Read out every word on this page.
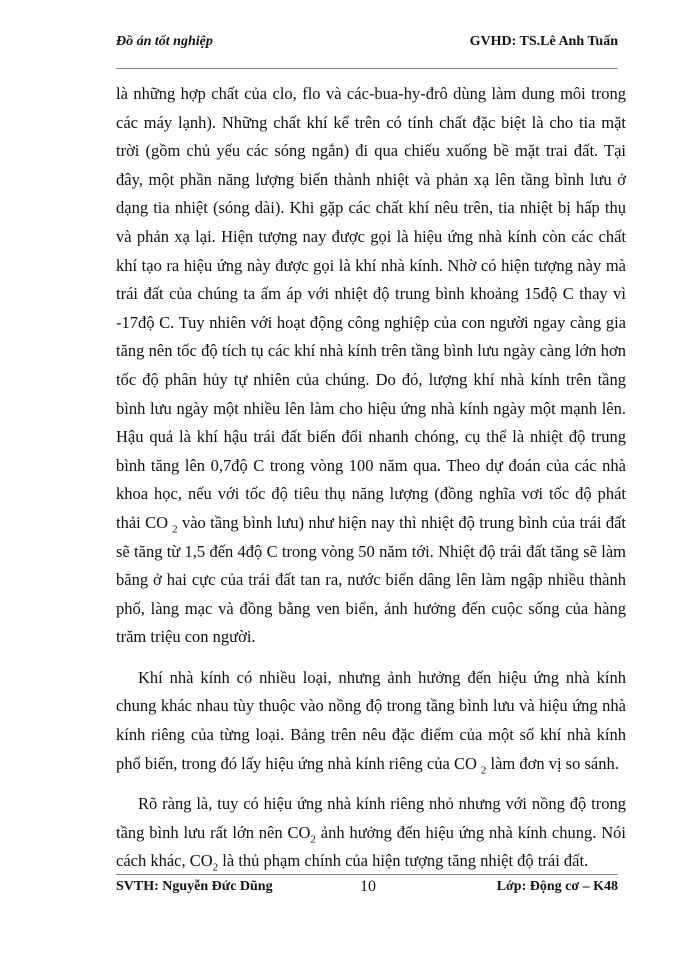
Đồ án tốt nghiệp	GVHD: TS.Lê Anh Tuấn

là những hợp chất của clo, flo và các-bua-hy-đrô dùng làm dung môi trong các máy lạnh). Những chất khí kể trên có tính chất đặc biệt là cho tia mặt trời (gồm chủ yếu các sóng ngắn) đi qua chiếu xuống bề mặt trai đất. Tại đây, một phần năng lượng biến thành nhiệt và phản xạ lên tầng bình lưu ở dạng tia nhiệt (sóng dài). Khi gặp các chất khí nêu trên, tia nhiệt bị hấp thụ và phản xạ lại. Hiện tượng nay được gọi là hiệu ứng nhà kính còn các chất khí tạo ra hiệu ứng này được gọi là khí nhà kính. Nhờ có hiện tượng này mà trái đất của chúng ta ấm áp với nhiệt độ trung bình khoảng 15độ C thay vì -17độ C. Tuy nhiên với hoạt động công nghiệp của con người ngay càng gia tăng nên tốc độ tích tụ các khí nhà kính trên tầng bình lưu ngày càng lớn hơn tốc độ phân hủy tự nhiên của chúng. Do đó, lượng khí nhà kính trên tầng bình lưu ngày một nhiều lên làm cho hiệu ứng nhà kính ngày một mạnh lên. Hậu quả là khí hậu trái đất biến đổi nhanh chóng, cụ thể là nhiệt độ trung bình tăng lên 0,7độ C trong vòng 100 năm qua. Theo dự đoán của các nhà khoa học, nếu với tốc độ tiêu thụ năng lượng (đồng nghĩa vơi tốc độ phát thải CO $_2$ vào tầng bình lưu) như hiện nay thì nhiệt độ trung bình của trái đất sẽ tăng từ 1,5 đến 4độ C trong vòng 50 năm tới. Nhiệt độ trái đất tăng sẽ làm băng ở hai cực của trái đất tan ra, nước biển dâng lên làm ngập nhiều thành phố, làng mạc và đồng bằng ven biển, ảnh hưởng đến cuộc sống của hàng trăm triệu con người.

Khí nhà kính có nhiều loại, nhưng ảnh hưởng đến hiệu ứng nhà kính chung khác nhau tùy thuộc vào nồng độ trong tầng bình lưu và hiệu ứng nhà kính riêng của từng loại. Bảng trên nêu đặc điểm của một số khí nhà kính phổ biến, trong đó lấy hiệu ứng nhà kính riêng của CO $_2$ làm đơn vị so sánh.

Rõ ràng là, tuy có hiệu ứng nhà kính riêng nhỏ nhưng với nồng độ trong tầng bình lưu rất lớn nên $CO_2$ ảnh hưởng đến hiệu ứng nhà kính chung. Nói cách khác, $CO_2$ là thủ phạm chính của hiện tượng tăng nhiệt độ trái đất.

SVTH: Nguyễn Đức Dũng	10	Lớp: Động cơ – K48
